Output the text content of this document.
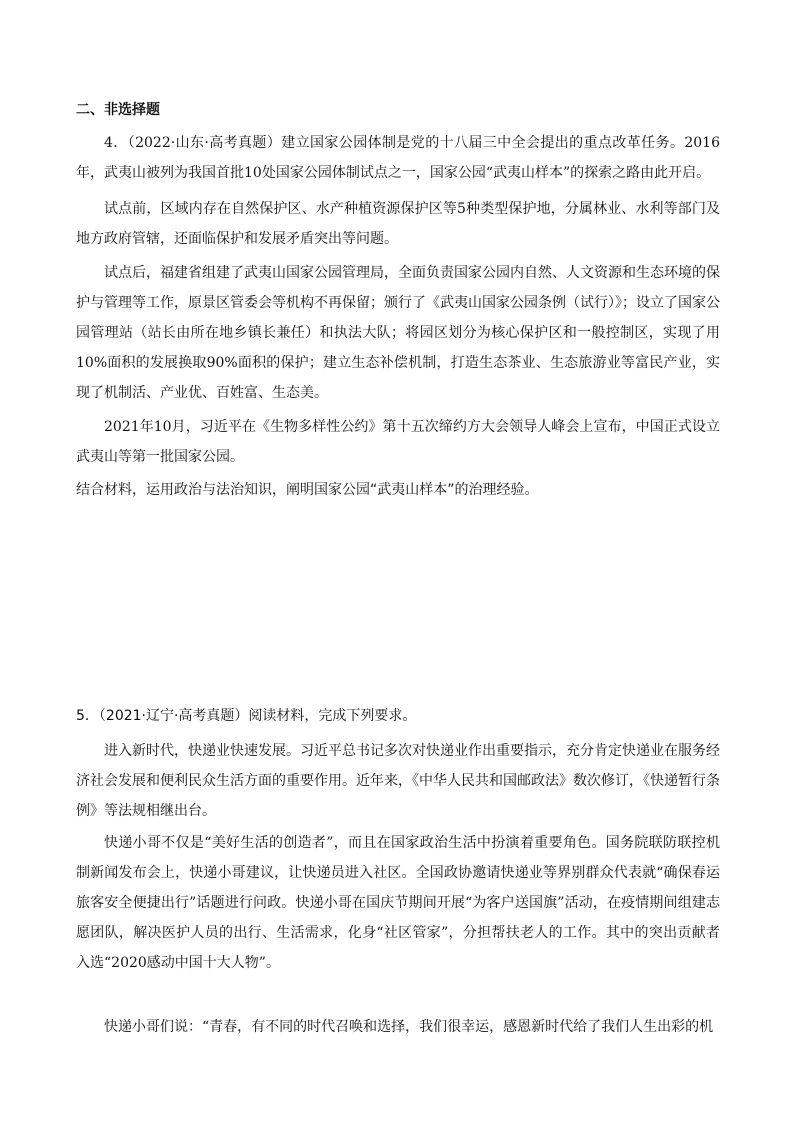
二、非选择题

4．（2022·山东·高考真题）建立国家公园体制是党的十八届三中全会提出的重点改革任务。2016年，武夷山被列为我国首批10处国家公园体制试点之一，国家公园“武夷山样本”的探索之路由此开启。

试点前，区域内存在自然保护区、水产种植资源保护区等5种类型保护地，分属林业、水利等部门及地方政府管辖，还面临保护和发展矛盾突出等问题。

试点后，福建省组建了武夷山国家公园管理局，全面负责国家公园内自然、人文资源和生态环境的保护与管理等工作，原景区管委会等机构不再保留；颁行了《武夷山国家公园条例（试行）》；设立了国家公园管理站（站长由所在地乡镇长兼任）和执法大队；将园区划分为核心保护区和一般控制区，实现了用10%面积的发展换取90%面积的保护；建立生态补偿机制，打造生态茶业、生态旅游业等富民产业，实现了机制活、产业优、百姓富、生态美。

2021年10月，习近平在《生物多样性公约》第十五次缔约方大会领导人峰会上宣布，中国正式设立武夷山等第一批国家公园。

结合材料，运用政治与法治知识，阐明国家公园“武夷山样本”的治理经验。

5．（2021·辽宁·高考真题）阅读材料，完成下列要求。

进入新时代，快递业快速发展。习近平总书记多次对快递业作出重要指示，充分肯定快递业在服务经济社会发展和便利民众生活方面的重要作用。近年来，《中华人民共和国邮政法》数次修订，《快递暂行条例》等法规相继出台。

快递小哥不仅是“美好生活的创造者”，而且在国家政治生活中扮演着重要角色。国务院联防联控机制新闻发布会上，快递小哥建议，让快递员进入社区。全国政协邀请快递业等界别群众代表就“确保春运旅客安全便捷出行”话题进行问政。快递小哥在国庆节期间开展“为客户送国旗”活动，在疫情期间组建志愿团队，解决医护人员的出行、生活需求，化身“社区管家”，分担帮扶老人的工作。其中的突出贡献者入选“2020感动中国十大人物”。

快递小哥们说：“青春，有不同的时代召唤和选择，我们很幸运，感恩新时代给了我们人生出彩的机
